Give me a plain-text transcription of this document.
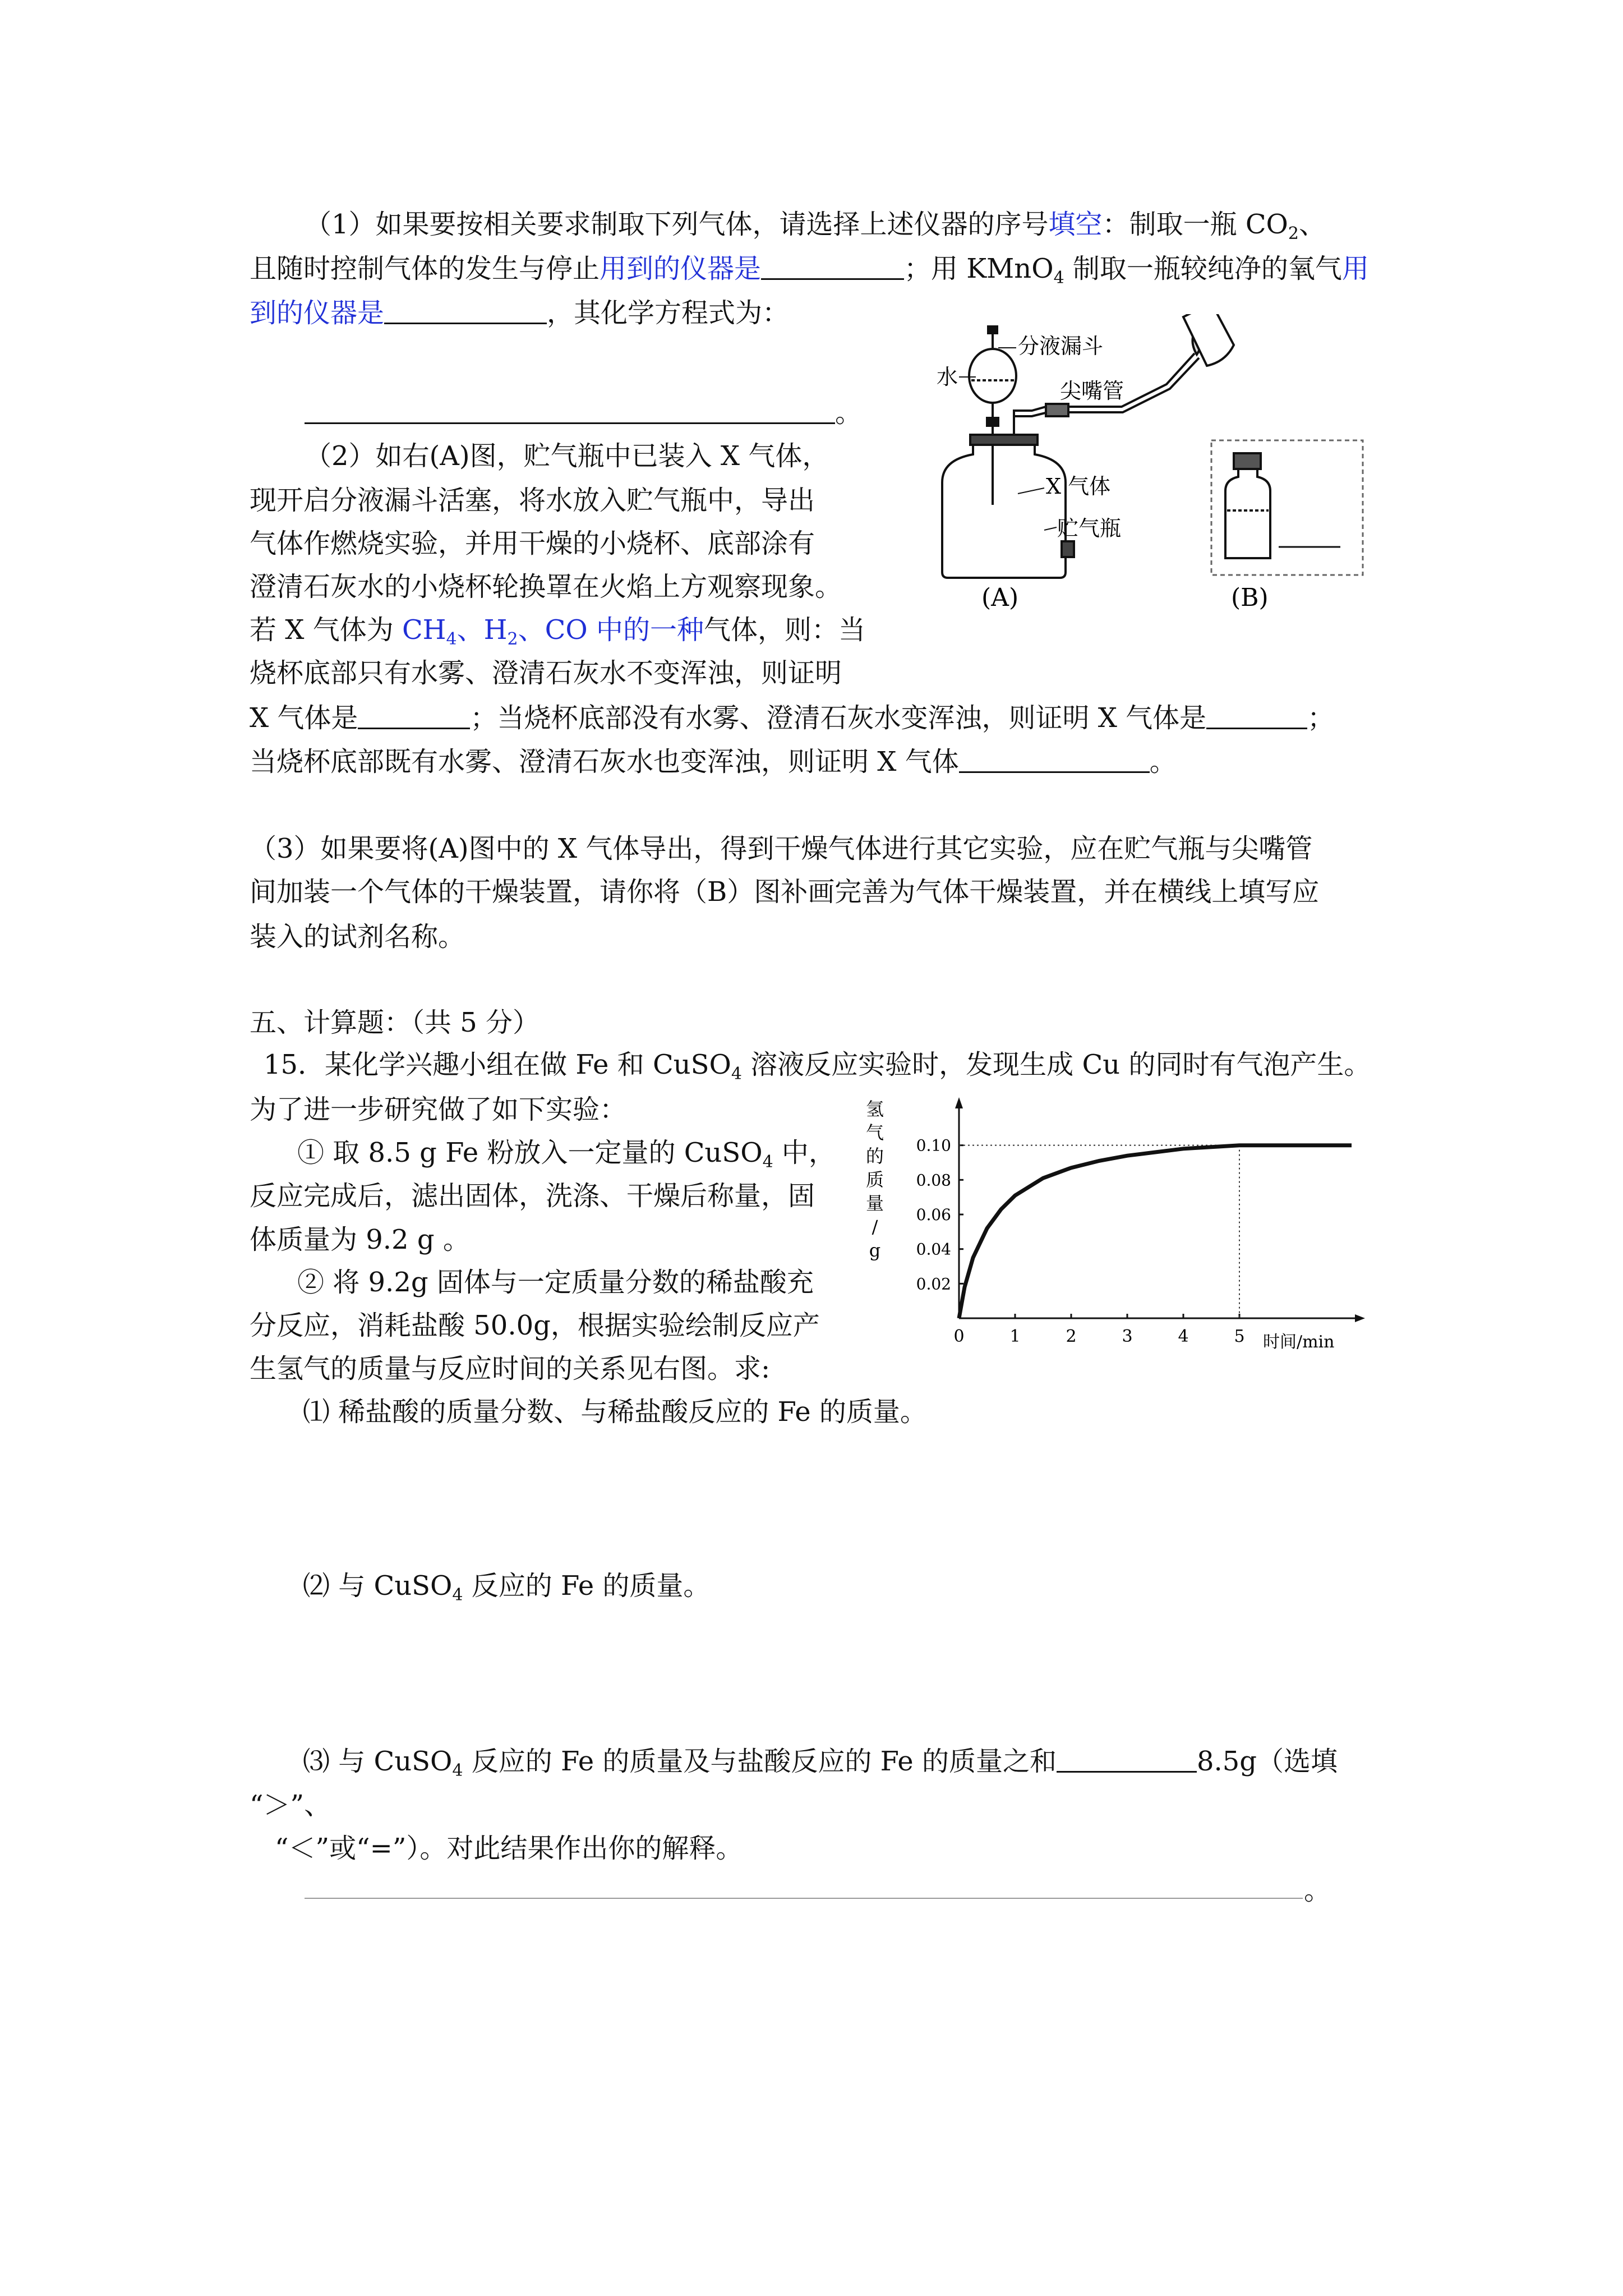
（1）如果要按相关要求制取下列气体，请选择上述仪器的序号填空：制取一瓶 $CO_2$、
且随时控制气体的发生与停止用到的仪器是	；用 KMnO$_4$ 制取一瓶较纯净的氧气用
到的仪器是	，其化学方程式为：
。
（2）如右(A)图，贮气瓶中已装入 X 气体，
现开启分液漏斗活塞，将水放入贮气瓶中，导出
气体作燃烧实验，并用干燥的小烧杯、底部涂有
澄清石灰水的小烧杯轮换罩在火焰上方观察现象。
若 X 气体为 $CH_4$、$H_2$、CO 中的一种气体，则：当
烧杯底部只有水雾、澄清石灰水不变浑浊，则证明
X 气体是	；当烧杯底部没有水雾、澄清石灰水变浑浊，则证明 X 气体是	；
当烧杯底部既有水雾、澄清石灰水也变浑浊，则证明 X 气体	。
分液漏斗
水
尖嘴管
X 气体
贮气瓶
(A)	(B)
（3）如果要将(A)图中的 X 气体导出，得到干燥气体进行其它实验，应在贮气瓶与尖嘴管
间加装一个气体的干燥装置，请你将（B）图补画完善为气体干燥装置，并在横线上填写应
装入的试剂名称。
五、计算题：（共 5 分）
15．某化学兴趣小组在做 Fe 和 CuSO$_4$ 溶液反应实验时，发现生成 Cu 的同时有气泡产生。
为了进一步研究做了如下实验：
① 取 8.5 g Fe 粉放入一定量的 CuSO$_4$ 中，
反应完成后，滤出固体，洗涤、干燥后称量，固
体质量为 9.2 g 。
② 将 9.2g 固体与一定质量分数的稀盐酸充
分反应，消耗盐酸 50.0g，根据实验绘制反应产
生氢气的质量与反应时间的关系见右图。求:
⑴ 稀盐酸的质量分数、与稀盐酸反应的 Fe 的质量。
⑵ 与 CuSO$_4$ 反应的 Fe 的质量。
⑶ 与 CuSO$_4$ 反应的 Fe 的质量及与盐酸反应的 Fe 的质量之和	8.5g（选填
“＞”、
“＜”或“=”）。对此结果作出你的解释。
。
0	1	2	3	4	5
0.02
0.04
0.06
0.08
0.10
氢
气
的
质
量
/
g
时间/min
